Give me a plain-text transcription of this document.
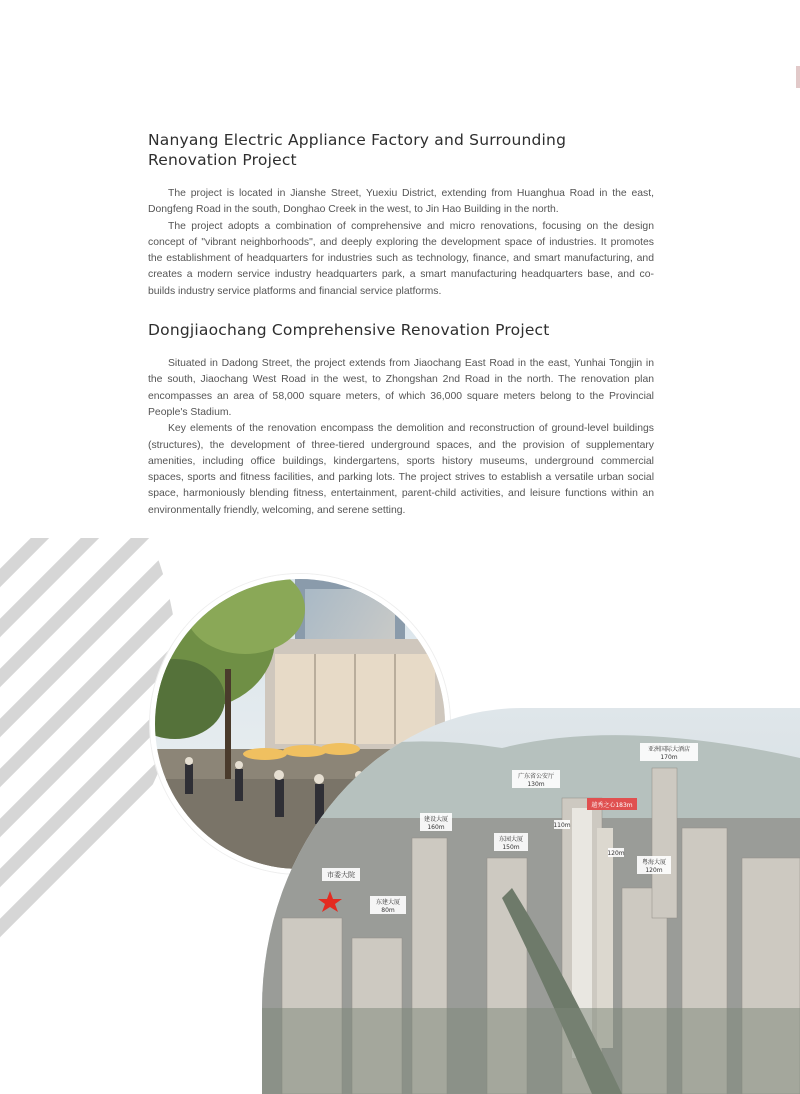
Nanyang Electric Appliance Factory and Surrounding Renovation Project

The project is located in Jianshe Street, Yuexiu District, extending from Huanghua Road in the east, Dongfeng Road in the south, Donghao Creek in the west, to Jin Hao Building in the north.

The project adopts a combination of comprehensive and micro renovations, focusing on the design concept of "vibrant neighborhoods", and deeply exploring the development space of industries. It promotes the establishment of headquarters for industries such as technology, finance, and smart manufacturing, and creates a modern service industry headquarters park, a smart manufacturing headquarters base, and co-builds industry service platforms and financial service platforms.

Dongjiaochang Comprehensive Renovation Project

Situated in Dadong Street, the project extends from Jiaochang East Road in the east, Yunhai Tongjin in the south, Jiaochang West Road in the west, to Zhongshan 2nd Road in the north. The renovation plan encompasses an area of 58,000 square meters, of which 36,000 square meters belong to the Provincial People's Stadium.

Key elements of the renovation encompass the demolition and reconstruction of ground-level buildings (structures), the development of three-tiered underground spaces, and the provision of supplementary amenities, including office buildings, kindergartens, sports history museums, underground commercial spaces, sports and fitness facilities, and parking lots. The project strives to establish a versatile urban social space, harmoniously blending fitness, entertainment, parent-child activities, and leisure functions within an environmentally friendly, welcoming, and serene setting.

亚洲国际大酒店
170m
广东省公安厅
130m
越秀之心183m
建设大厦
160m
东园大厦
150m
110m
120m
粤海大厦
120m
市委大院
东建大厦
80m
